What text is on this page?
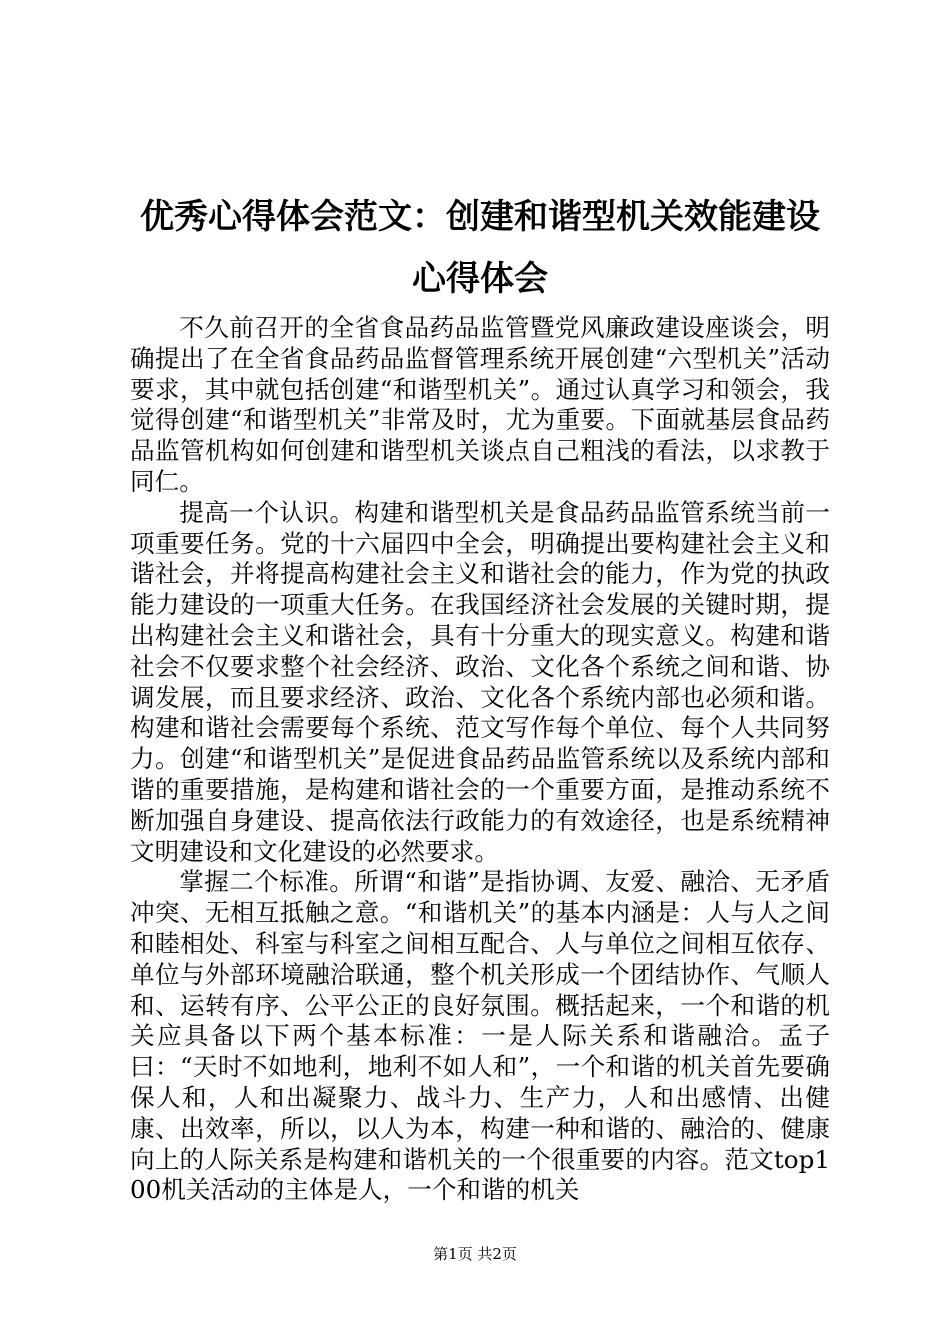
优秀心得体会范文：创建和谐型机关效能建设
心得体会

不久前召开的全省食品药品监管暨党风廉政建设座谈会，明确提出了在全省食品药品监督管理系统开展创建“六型机关”活动要求，其中就包括创建“和谐型机关”。通过认真学习和领会，我觉得创建“和谐型机关”非常及时，尤为重要。下面就基层食品药品监管机构如何创建和谐型机关谈点自己粗浅的看法，以求教于同仁。

提高一个认识。构建和谐型机关是食品药品监管系统当前一项重要任务。党的十六届四中全会，明确提出要构建社会主义和谐社会，并将提高构建社会主义和谐社会的能力，作为党的执政能力建设的一项重大任务。在我国经济社会发展的关键时期，提出构建社会主义和谐社会，具有十分重大的现实意义。构建和谐社会不仅要求整个社会经济、政治、文化各个系统之间和谐、协调发展，而且要求经济、政治、文化各个系统内部也必须和谐。构建和谐社会需要每个系统、范文写作每个单位、每个人共同努力。创建“和谐型机关”是促进食品药品监管系统以及系统内部和谐的重要措施，是构建和谐社会的一个重要方面，是推动系统不断加强自身建设、提高依法行政能力的有效途径，也是系统精神文明建设和文化建设的必然要求。

掌握二个标准。所谓“和谐”是指协调、友爱、融洽、无矛盾冲突、无相互抵触之意。“和谐机关”的基本内涵是：人与人之间和睦相处、科室与科室之间相互配合、人与单位之间相互依存、单位与外部环境融洽联通，整个机关形成一个团结协作、气顺人和、运转有序、公平公正的良好氛围。概括起来，一个和谐的机关应具备以下两个基本标准：一是人际关系和谐融洽。孟子曰：“天时不如地利，地利不如人和”，一个和谐的机关首先要确保人和，人和出凝聚力、战斗力、生产力，人和出感情、出健康、出效率，所以，以人为本，构建一种和谐的、融洽的、健康向上的人际关系是构建和谐机关的一个很重要的内容。范文top100机关活动的主体是人，一个和谐的机关

第1页 共2页
